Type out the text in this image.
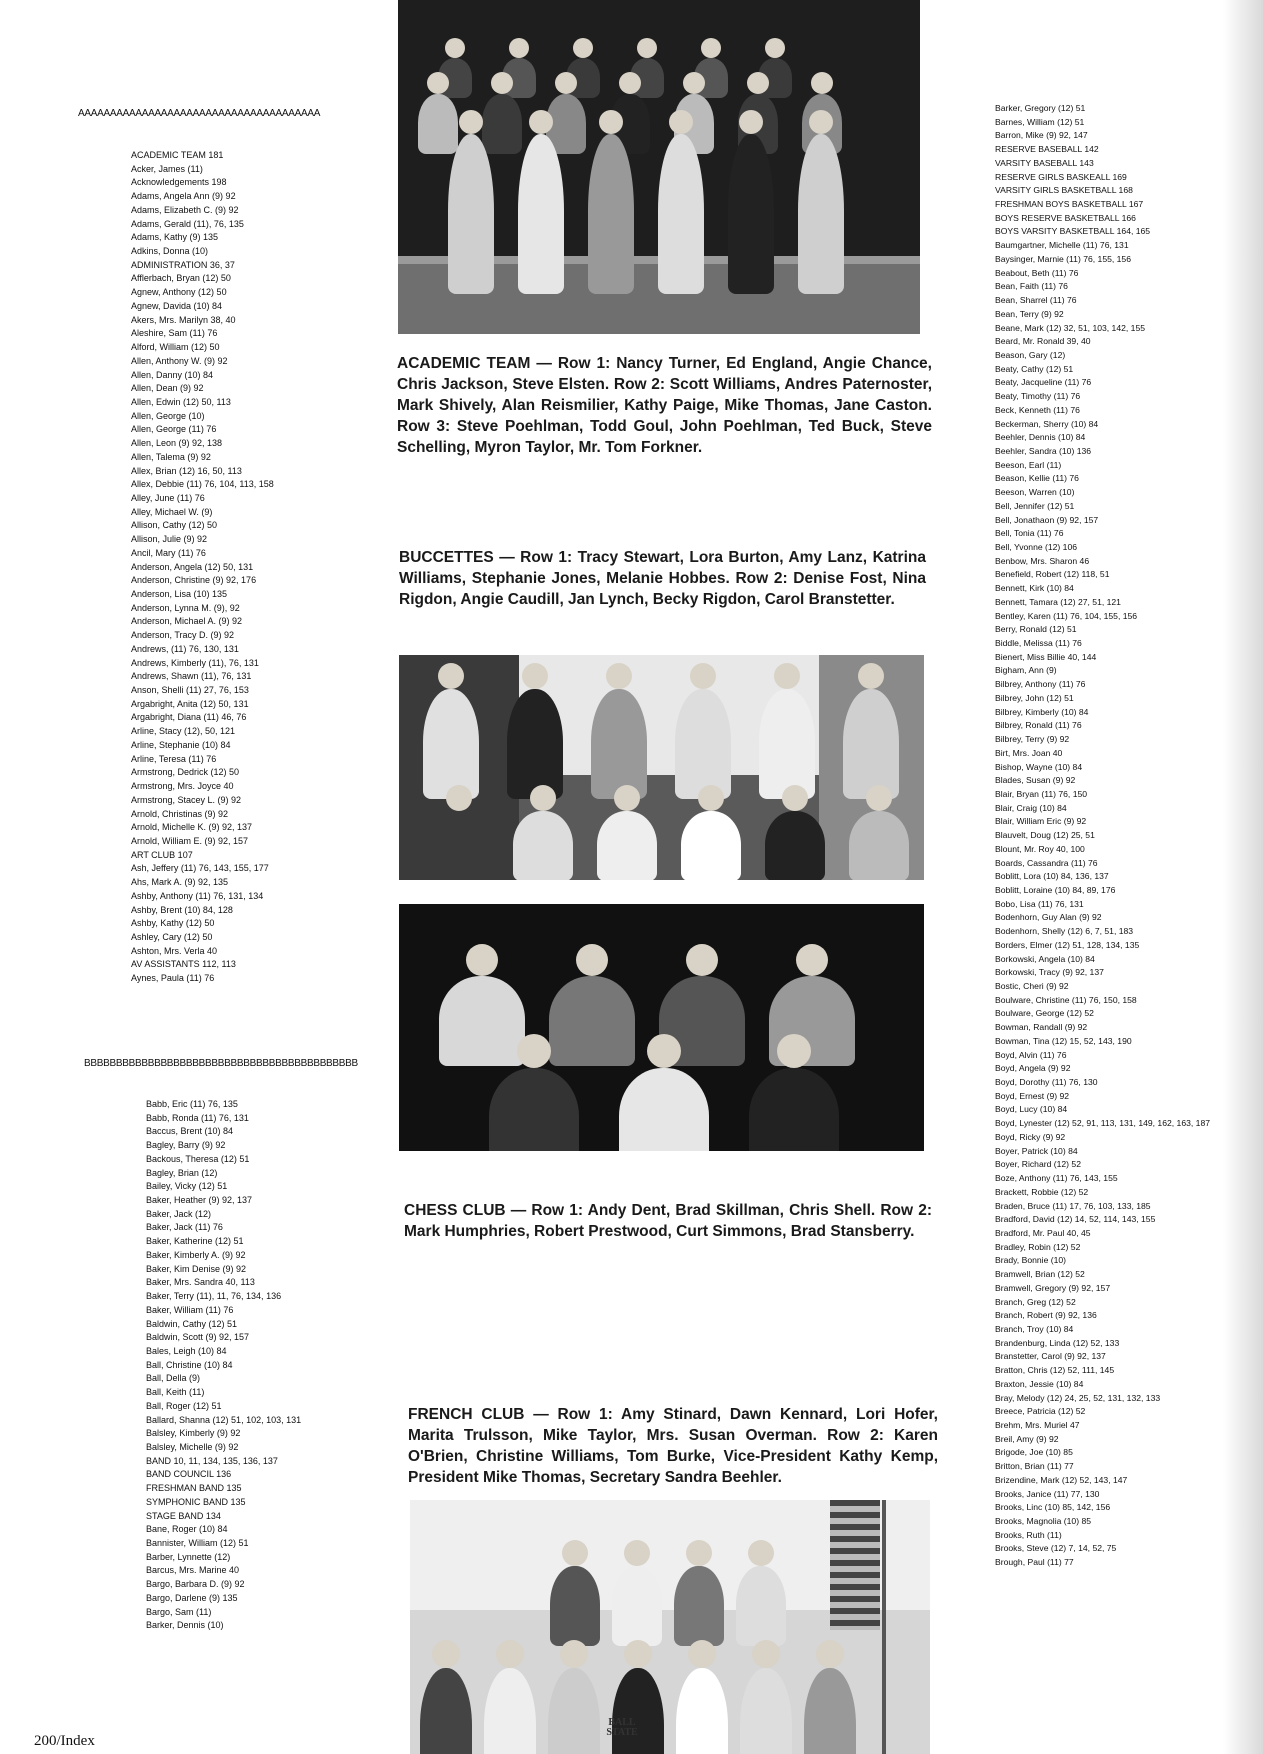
AAAAAAAAAAAAAAAAAAAAAAAAAAAAAAAAAAAAAA
ACADEMIC TEAM 181
Acker, James (11)
Acknowledgements 198
Adams, Angela Ann (9) 92
Adams, Elizabeth C. (9) 92
Adams, Gerald (11), 76, 135
Adams, Kathy (9) 135
Adkins, Donna (10)
ADMINISTRATION 36, 37
Afflerbach, Bryan (12) 50
Agnew, Anthony (12) 50
Agnew, Davida (10) 84
Akers, Mrs. Marilyn 38, 40
Aleshire, Sam (11) 76
Alford, William (12) 50
Allen, Anthony W. (9) 92
Allen, Danny (10) 84
Allen, Dean (9) 92
Allen, Edwin (12) 50, 113
Allen, George (10)
Allen, George (11) 76
Allen, Leon (9) 92, 138
Allen, Talema (9) 92
Allex, Brian (12) 16, 50, 113
Allex, Debbie (11) 76, 104, 113, 158
Alley, June (11) 76
Alley, Michael W. (9)
Allison, Cathy (12) 50
Allison, Julie (9) 92
Ancil, Mary (11) 76
Anderson, Angela (12) 50, 131
Anderson, Christine (9) 92, 176
Anderson, Lisa (10) 135
Anderson, Lynna M. (9), 92
Anderson, Michael A. (9) 92
Anderson, Tracy D. (9) 92
Andrews, (11) 76, 130, 131
Andrews, Kimberly (11), 76, 131
Andrews, Shawn (11), 76, 131
Anson, Shelli (11) 27, 76, 153
Argabright, Anita (12) 50, 131
Argabright, Diana (11) 46, 76
Arline, Stacy (12), 50, 121
Arline, Stephanie (10) 84
Arline, Teresa (11) 76
Armstrong, Dedrick (12) 50
Armstrong, Mrs. Joyce 40
Armstrong, Stacey L. (9) 92
Arnold, Christinas (9) 92
Arnold, Michelle K. (9) 92, 137
Arnold, William E. (9) 92, 157
ART CLUB 107
Ash, Jeffery (11) 76, 143, 155, 177
Ahs, Mark A. (9) 92, 135
Ashby, Anthony (11) 76, 131, 134
Ashby, Brent (10) 84, 128
Ashby, Kathy (12) 50
Ashley, Cary (12) 50
Ashton, Mrs. Verla 40
AV ASSISTANTS 112, 113
Aynes, Paula (11) 76
BBBBBBBBBBBBBBBBBBBBBBBBBBBBBBBBBBBBBBBBBBB
Babb, Eric (11) 76, 135
Babb, Ronda (11) 76, 131
Baccus, Brent (10) 84
Bagley, Barry (9) 92
Backous, Theresa (12) 51
Bagley, Brian (12)
Bailey, Vicky (12) 51
Baker, Heather (9) 92, 137
Baker, Jack (12)
Baker, Jack (11) 76
Baker, Katherine (12) 51
Baker, Kimberly A. (9) 92
Baker, Kim Denise (9) 92
Baker, Mrs. Sandra 40, 113
Baker, Terry (11), 11, 76, 134, 136
Baker, William (11) 76
Baldwin, Cathy (12) 51
Baldwin, Scott (9) 92, 157
Bales, Leigh (10) 84
Ball, Christine (10) 84
Ball, Della (9)
Ball, Keith (11)
Ball, Roger (12) 51
Ballard, Shanna (12) 51, 102, 103, 131
Balsley, Kimberly (9) 92
Balsley, Michelle (9) 92
BAND 10, 11, 134, 135, 136, 137
BAND COUNCIL 136
FRESHMAN BAND 135
SYMPHONIC BAND 135
STAGE BAND 134
Bane, Roger (10) 84
Bannister, William (12) 51
Barber, Lynnette (12)
Barcus, Mrs. Marine 40
Bargo, Barbara D. (9) 92
Bargo, Darlene (9) 135
Bargo, Sam (11)
Barker, Dennis (10)
Barker, Gregory (12) 51
Barnes, William (12) 51
Barron, Mike (9) 92, 147
RESERVE BASEBALL 142
VARSITY BASEBALL 143
RESERVE GIRLS BASKEALL 169
VARSITY GIRLS BASKETBALL 168
FRESHMAN BOYS BASKETBALL 167
BOYS RESERVE BASKETBALL 166
BOYS VARSITY BASKETBALL 164, 165
Baumgartner, Michelle (11) 76, 131
Baysinger, Marnie (11) 76, 155, 156
Beabout, Beth (11) 76
Bean, Faith (11) 76
Bean, Sharrel (11) 76
Bean, Terry (9) 92
Beane, Mark (12) 32, 51, 103, 142, 155
Beard, Mr. Ronald 39, 40
Beason, Gary (12)
Beaty, Cathy (12) 51
Beaty, Jacqueline (11) 76
Beaty, Timothy (11) 76
Beck, Kenneth (11) 76
Beckerman, Sherry (10) 84
Beehler, Dennis (10) 84
Beehler, Sandra (10) 136
Beeson, Earl (11)
Beason, Kellie (11) 76
Beeson, Warren (10)
Bell, Jennifer (12) 51
Bell, Jonathaon (9) 92, 157
Bell, Tonia (11) 76
Bell, Yvonne (12) 106
Benbow, Mrs. Sharon 46
Benefield, Robert (12) 118, 51
Bennett, Kirk (10) 84
Bennett, Tamara (12) 27, 51, 121
Bentley, Karen (11) 76, 104, 155, 156
Berry, Ronald (12) 51
Biddle, Melissa (11) 76
Bienert, Miss Billie 40, 144
Bigham, Ann (9)
Bilbrey, Anthony (11) 76
Bilbrey, John (12) 51
Bilbrey, Kimberly (10) 84
Bilbrey, Ronald (11) 76
Bilbrey, Terry (9) 92
Birt, Mrs. Joan 40
Bishop, Wayne (10) 84
Blades, Susan (9) 92
Blair, Bryan (11) 76, 150
Blair, Craig (10) 84
Blair, William Eric (9) 92
Blauvelt, Doug (12) 25, 51
Blount, Mr. Roy 40, 100
Boards, Cassandra (11) 76
Boblitt, Lora (10) 84, 136, 137
Boblitt, Loraine (10) 84, 89, 176
Bobo, Lisa (11) 76, 131
Bodenhorn, Guy Alan (9) 92
Bodenhorn, Shelly (12) 6, 7, 51, 183
Borders, Elmer (12) 51, 128, 134, 135
Borkowski, Angela (10) 84
Borkowski, Tracy (9) 92, 137
Bostic, Cheri (9) 92
Boulware, Christine (11) 76, 150, 158
Boulware, George (12) 52
Bowman, Randall (9) 92
Bowman, Tina (12) 15, 52, 143, 190
Boyd, Alvin (11) 76
Boyd, Angela (9) 92
Boyd, Dorothy (11) 76, 130
Boyd, Ernest (9) 92
Boyd, Lucy (10) 84
Boyd, Lynester (12) 52, 91, 113, 131, 149, 162, 163, 187
Boyd, Ricky (9) 92
Boyer, Patrick (10) 84
Boyer, Richard (12) 52
Boze, Anthony (11) 76, 143, 155
Brackett, Robbie (12) 52
Braden, Bruce (11) 17, 76, 103, 133, 185
Bradford, David (12) 14, 52, 114, 143, 155
Bradford, Mr. Paul 40, 45
Bradley, Robin (12) 52
Brady, Bonnie (10)
Bramwell, Brian (12) 52
Bramwell, Gregory (9) 92, 157
Branch, Greg (12) 52
Branch, Robert (9) 92, 136
Branch, Troy (10) 84
Brandenburg, Linda (12) 52, 133
Branstetter, Carol (9) 92, 137
Bratton, Chris (12) 52, 111, 145
Braxton, Jessie (10) 84
Bray, Melody (12) 24, 25, 52, 131, 132, 133
Breece, Patricia (12) 52
Brehm, Mrs. Muriel 47
Breil, Amy (9) 92
Brigode, Joe (10) 85
Britton, Brian (11) 77
Brizendine, Mark (12) 52, 143, 147
Brooks, Janice (11) 77, 130
Brooks, Linc (10) 85, 142, 156
Brooks, Magnolia (10) 85
Brooks, Ruth (11)
Brooks, Steve (12) 7, 14, 52, 75
Brough, Paul (11) 77

ACADEMIC TEAM — Row 1: Nancy Turner, Ed England, Angie Chance, Chris Jackson, Steve Elsten. Row 2: Scott Williams, Andres Paternoster, Mark Shively, Alan Reismilier, Kathy Paige, Mike Thomas, Jane Caston. Row 3: Steve Poehlman, Todd Goul, John Poehlman, Ted Buck, Steve Schelling, Myron Taylor, Mr. Tom Forkner.

BUCCETTES — Row 1: Tracy Stewart, Lora Burton, Amy Lanz, Katrina Williams, Stephanie Jones, Melanie Hobbes. Row 2: Denise Fost, Nina Rigdon, Angie Caudill, Jan Lynch, Becky Rigdon, Carol Branstetter.

CHESS CLUB — Row 1: Andy Dent, Brad Skillman, Chris Shell. Row 2: Mark Humphries, Robert Prestwood, Curt Simmons, Brad Stansberry.

FRENCH CLUB — Row 1: Amy Stinard, Dawn Kennard, Lori Hofer, Marita Trulsson, Mike Taylor, Mrs. Susan Overman. Row 2: Karen O'Brien, Christine Williams, Tom Burke, Vice-President Kathy Kemp, President Mike Thomas, Secretary Sandra Beehler.

BALL STATE
200/Index
